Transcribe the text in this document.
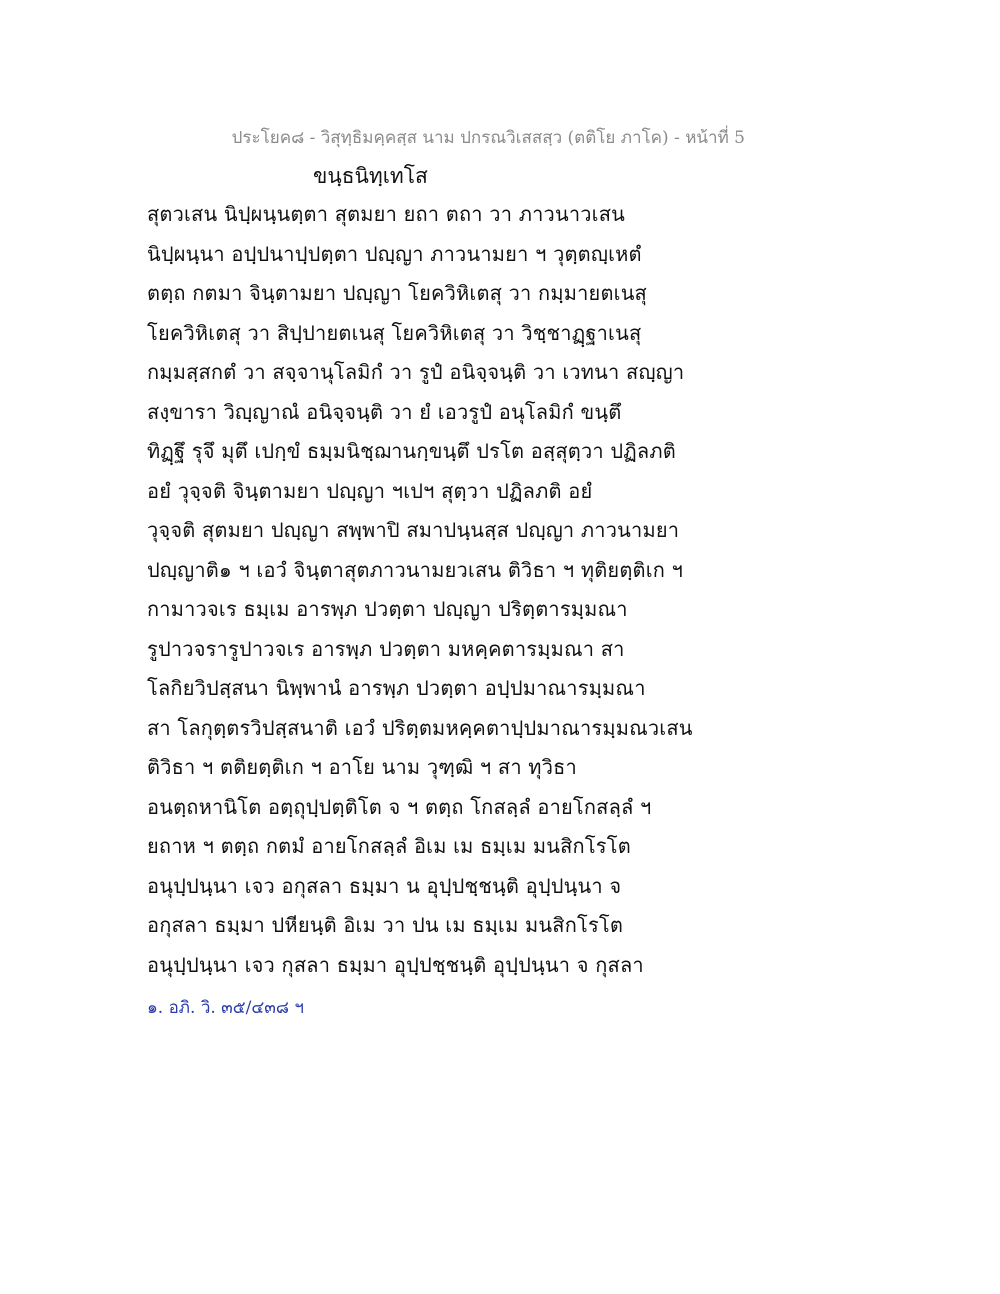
ประโยค๘ - วิสุทฺธิมคฺคสฺส นาม ปกรณวิเสสสฺว (ตติโย ภาโค) - หน้าที่ 5
ขนฺธนิทฺเทโส
สุตวเสน นิปฺผนฺนตฺตา สุตมยา ยถา ตถา วา ภาวนาวเสน
นิปฺผนฺนา อปฺปนาปฺปตฺตา ปญฺญา ภาวนามยา ฯ วุตฺตญฺเหตํ
ตตฺถ กตมา จินฺตามยา ปญฺญา โยควิหิเตสุ วา กมฺมายตเนสุ
โยควิหิเตสุ วา สิปฺปายตเนสุ โยควิหิเตสุ วา วิชฺชาฏฺฐาเนสุ
กมฺมสฺสกตํ วา สจฺจานุโลมิกํ วา รูปํ อนิจฺจนฺติ วา เวทนา สญฺญา
สงฺขารา วิญฺญาณํ อนิจฺจนฺติ วา ยํ เอวรูปํ อนุโลมิกํ ขนฺตึ
ทิฏฺฐึ รุจึ มุตึ เปกฺขํ ธมฺมนิชฺฌานกฺขนฺตึ ปรโต อสฺสุตฺวา ปฏิลภติ
อยํ วุจฺจติ จินฺตามยา ปญฺญา ฯเปฯ สุตฺวา ปฏิลภติ อยํ
วุจฺจติ สุตมยา ปญฺญา สพฺพาปิ สมาปนฺนสฺส ปญฺญา ภาวนามยา
ปญฺญาติ๑ ฯ เอวํ จินฺตาสุตภาวนามยวเสน ติวิธา ฯ ทุติยตฺติเก ฯ
กามาวจเร ธมฺเม อารพฺภ ปวตฺตา ปญฺญา ปริตฺตารมฺมณา
รูปาวจรารูปาวจเร อารพฺภ ปวตฺตา มหคฺคตารมฺมณา สา
โลกิยวิปสฺสนา นิพฺพานํ อารพฺภ ปวตฺตา อปฺปมาณารมฺมณา
สา โลกุตฺตรวิปสฺสนาติ เอวํ ปริตฺตมหคฺคตาปฺปมาณารมฺมณวเสน
ติวิธา ฯ ตติยตฺติเก ฯ อาโย นาม วุฑฺฒิ ฯ สา ทุวิธา
อนตฺถหานิโต อตฺถุปฺปตฺติโต จ ฯ ตตฺถ โกสลฺลํ อายโกสลฺลํ ฯ
ยถาห ฯ ตตฺถ กตมํ อายโกสลฺลํ อิเม เม ธมฺเม มนสิกโรโต
อนุปฺปนฺนา เจว อกุสลา ธมฺมา น อุปฺปชฺชนฺติ อุปฺปนฺนา จ
อกุสลา ธมฺมา ปหียนฺติ อิเม วา ปน เม ธมฺเม มนสิกโรโต
อนุปฺปนฺนา เจว กุสลา ธมฺมา อุปฺปชฺชนฺติ อุปฺปนฺนา จ กุสลา
๑. อภิ. วิ. ๓๕/๔๓๘ ฯ
